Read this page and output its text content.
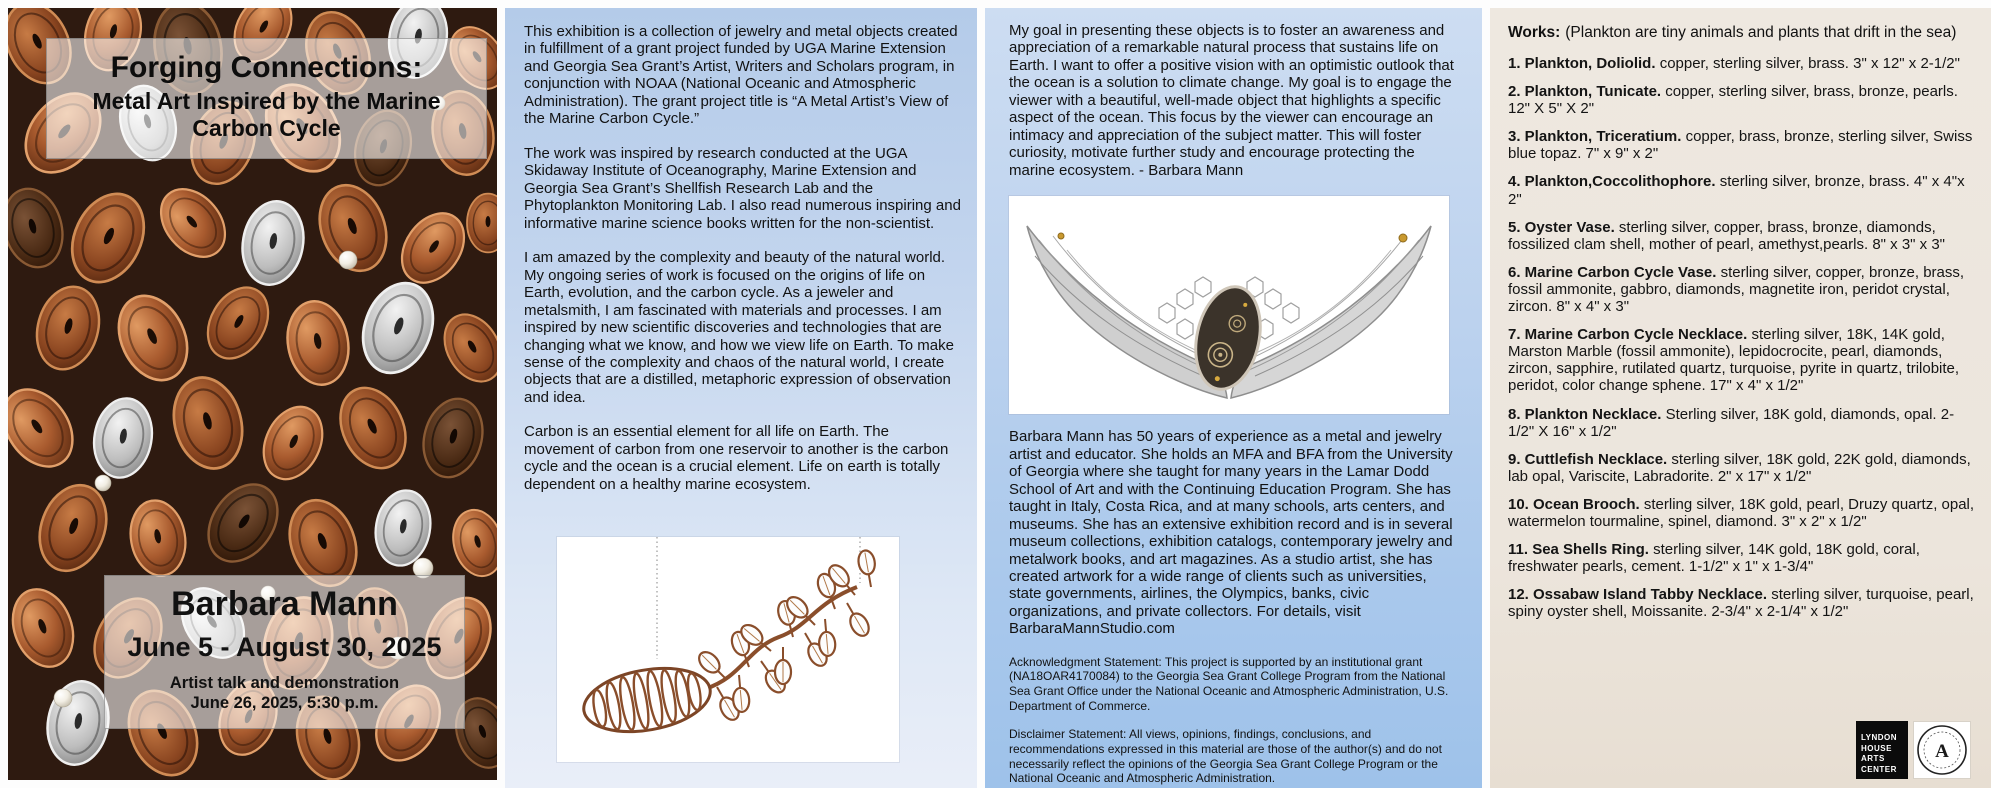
Forging Connections:
Metal Art Inspired by the Marine Carbon Cycle
Barbara Mann
June 5 - August 30, 2025
Artist talk and demonstration
June 26, 2025, 5:30 p.m.

This exhibition is a collection of jewelry and metal objects created in fulfillment of a grant project funded by UGA Marine Extension and Georgia Sea Grant’s Artist, Writers and Scholars program, in conjunction with NOAA (National Oceanic and Atmospheric Administration). The grant project title is “A Metal Artist’s View of the Marine Carbon Cycle.”

The work was inspired by research conducted at the UGA Skidaway Institute of Oceanography, Marine Extension and Georgia Sea Grant’s Shellfish Research Lab and the Phytoplankton Monitoring Lab. I also read numerous inspiring and informative marine science books written for the non-scientist.

I am amazed by the complexity and beauty of the natural world. My ongoing series of work is focused on the origins of life on Earth, evolution, and the carbon cycle. As a jeweler and metalsmith, I am fascinated with materials and processes. I am inspired by new scientific discoveries and technologies that are changing what we know, and how we view life on Earth. To make sense of the complexity and chaos of the natural world, I create objects that are a distilled, metaphoric expression of observation and idea.

Carbon is an essential element for all life on Earth. The movement of carbon from one reservoir to another is the carbon cycle and the ocean is a crucial element. Life on earth is totally dependent on a healthy marine ecosystem.

My goal in presenting these objects is to foster an awareness and appreciation of a remarkable natural process that sustains life on Earth. I want to offer a positive vision with an optimistic outlook that the ocean is a solution to climate change. My goal is to engage the viewer with a beautiful, well-made object that highlights a specific aspect of the ocean. This focus by the viewer can encourage an intimacy and appreciation of the subject matter. This will foster curiosity, motivate further study and encourage protecting the marine ecosystem. - Barbara Mann

Barbara Mann has 50 years of experience as a metal and jewelry artist and educator. She holds an MFA and BFA from the University of Georgia where she taught for many years in the Lamar Dodd School of Art and with the Continuing Education Program. She has taught in Italy, Costa Rica, and at many schools, arts centers, and museums. She has an extensive exhibition record and is in several museum collections, exhibition catalogs, contemporary jewelry and metalwork books, and art magazines. As a studio artist, she has created artwork for a wide range of clients such as universities, state governments, airlines, the Olympics, banks, civic organizations, and private collectors. For details, visit BarbaraMannStudio.com

Acknowledgment Statement: This project is supported by an institutional grant (NA18OAR4170084) to the Georgia Sea Grant College Program from the National Sea Grant Office under the National Oceanic and Atmospheric Administration, U.S. Department of Commerce.

Disclaimer Statement: All views, opinions, findings, conclusions, and recommendations expressed in this material are those of the author(s) and do not necessarily reflect the opinions of the Georgia Sea Grant College Program or the National Oceanic and Atmospheric Administration.

Works: (Plankton are tiny animals and plants that drift in the sea)
1. Plankton, Doliolid. copper, sterling silver, brass. 3" x 12" x 2-1/2"
2. Plankton, Tunicate. copper, sterling silver, brass, bronze, pearls. 12" X 5" X 2"
3. Plankton, Triceratium. copper, brass, bronze, sterling silver, Swiss blue topaz. 7" x 9" x 2"
4. Plankton,Coccolithophore. sterling silver, bronze, brass. 4" x 4"x 2"
5. Oyster Vase. sterling silver, copper, brass, bronze, diamonds, fossilized clam shell, mother of pearl, amethyst,pearls. 8" x 3" x 3"
6. Marine Carbon Cycle Vase. sterling silver, copper, bronze, brass, fossil ammonite, gabbro, diamonds, magnetite iron, peridot crystal, zircon. 8" x 4" x 3"
7. Marine Carbon Cycle Necklace. sterling silver, 18K, 14K gold, Marston Marble (fossil ammonite), lepidocrocite, pearl, diamonds, zircon, sapphire, rutilated quartz, turquoise, pyrite in quartz, trilobite, peridot, color change sphene. 17" x 4" x 1/2"
8. Plankton Necklace. Sterling silver, 18K gold, diamonds, opal. 2-1/2" X 16" x 1/2"
9. Cuttlefish Necklace. sterling silver, 18K gold, 22K gold, diamonds, lab opal, Variscite, Labradorite. 2" x 17" x 1/2"
10. Ocean Brooch. sterling silver, 18K gold, pearl, Druzy quartz, opal, watermelon tourmaline, spinel, diamond. 3" x 2" x 1/2"
11. Sea Shells Ring. sterling silver, 14K gold, 18K gold, coral, freshwater pearls, cement. 1-1/2" x 1" x 1-3/4"
12. Ossabaw Island Tabby Necklace. sterling silver, turquoise, pearl, spiny oyster shell, Moissanite. 2-3/4" x 2-1/4" x 1/2"
LYNDON
HOUSE
ARTS
CENTER
A
